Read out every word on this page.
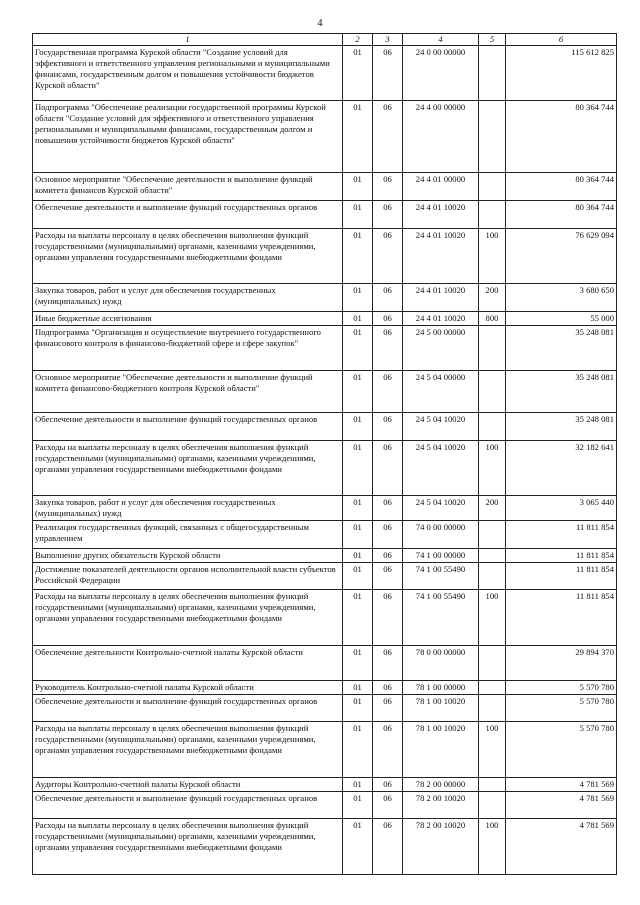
4
1	2	3	4	5	6
Государственная программа Курской области "Создание условий для эффективного и ответственного управления региональными и муниципальными финансами, государственным долгом и повышения устойчивости бюджетов Курской области"	01	06	24 0 00 00000		115 612 825
Подпрограмма "Обеспечение реализации государственной программы Курской области "Создание условий для эффективного и ответственного управления региональными и муниципальными финансами, государственным долгом и повышения устойчивости бюджетов Курской области"	01	06	24 4 00 00000		80 364 744
Основное мероприятие "Обеспечение деятельности и выполнение функций комитета финансов Курской области"	01	06	24 4 01 00000		80 364 744
Обеспечение деятельности и выполнение функций государственных органов	01	06	24 4 01 10020		80 364 744
Расходы на выплаты персоналу в целях обеспечения выполнения функций государственными (муниципальными) органами, казенными учреждениями, органами управления государственными внебюджетными фондами	01	06	24 4 01 10020	100	76 629 094
Закупка товаров, работ и услуг для обеспечения государственных (муниципальных) нужд	01	06	24 4 01 10020	200	3 680 650
Иные бюджетные ассигнования	01	06	24 4 01 10020	800	55 000
Подпрограмма "Организация и осуществление внутреннего государственного финансового контроля в финансово-бюджетной сфере и сфере закупок"	01	06	24 5 00 00000		35 248 081
Основное мероприятие "Обеспечение деятельности и выполнение функций комитета финансово-бюджетного контроля Курской области"	01	06	24 5 04 00000		35 248 081
Обеспечение деятельности и выполнение функций государственных органов	01	06	24 5 04 10020		35 248 081
Расходы на выплаты персоналу в целях обеспечения выполнения функций государственными (муниципальными) органами, казенными учреждениями, органами управления государственными внебюджетными фондами	01	06	24 5 04 10020	100	32 182 641
Закупка товаров, работ и услуг для обеспечения государственных (муниципальных) нужд	01	06	24 5 04 10020	200	3 065 440
Реализация государственных функций, связанных с общегосударственным управлением	01	06	74 0 00 00000		11 811 854
Выполнение других обязательств Курской области	01	06	74 1 00 00000		11 811 854
Достижение показателей деятельности органов исполнительной власти субъектов Российской Федерации	01	06	74 1 00 55490		11 811 854
Расходы на выплаты персоналу в целях обеспечения выполнения функций государственными (муниципальными) органами, казенными учреждениями, органами управления государственными внебюджетными фондами	01	06	74 1 00 55490	100	11 811 854
Обеспечение деятельности Контрольно-счетной палаты Курской области	01	06	78 0 00 00000		29 894 370
Руководитель Контрольно-счетной палаты Курской области	01	06	78 1 00 00000		5 570 780
Обеспечение деятельности и выполнение функций государственных органов	01	06	78 1 00 10020		5 570 780
Расходы на выплаты персоналу в целях обеспечения выполнения функций государственными (муниципальными) органами, казенными учреждениями, органами управления государственными внебюджетными фондами	01	06	78 1 00 10020	100	5 570 780
Аудиторы Контрольно-счетной палаты Курской области	01	06	78 2 00 00000		4 781 569
Обеспечение деятельности и выполнение функций государственных органов	01	06	78 2 00 10020		4 781 569
Расходы на выплаты персоналу в целях обеспечения выполнения функций государственными (муниципальными) органами, казенными учреждениями, органами управления государственными внебюджетными фондами	01	06	78 2 00 10020	100	4 781 569
